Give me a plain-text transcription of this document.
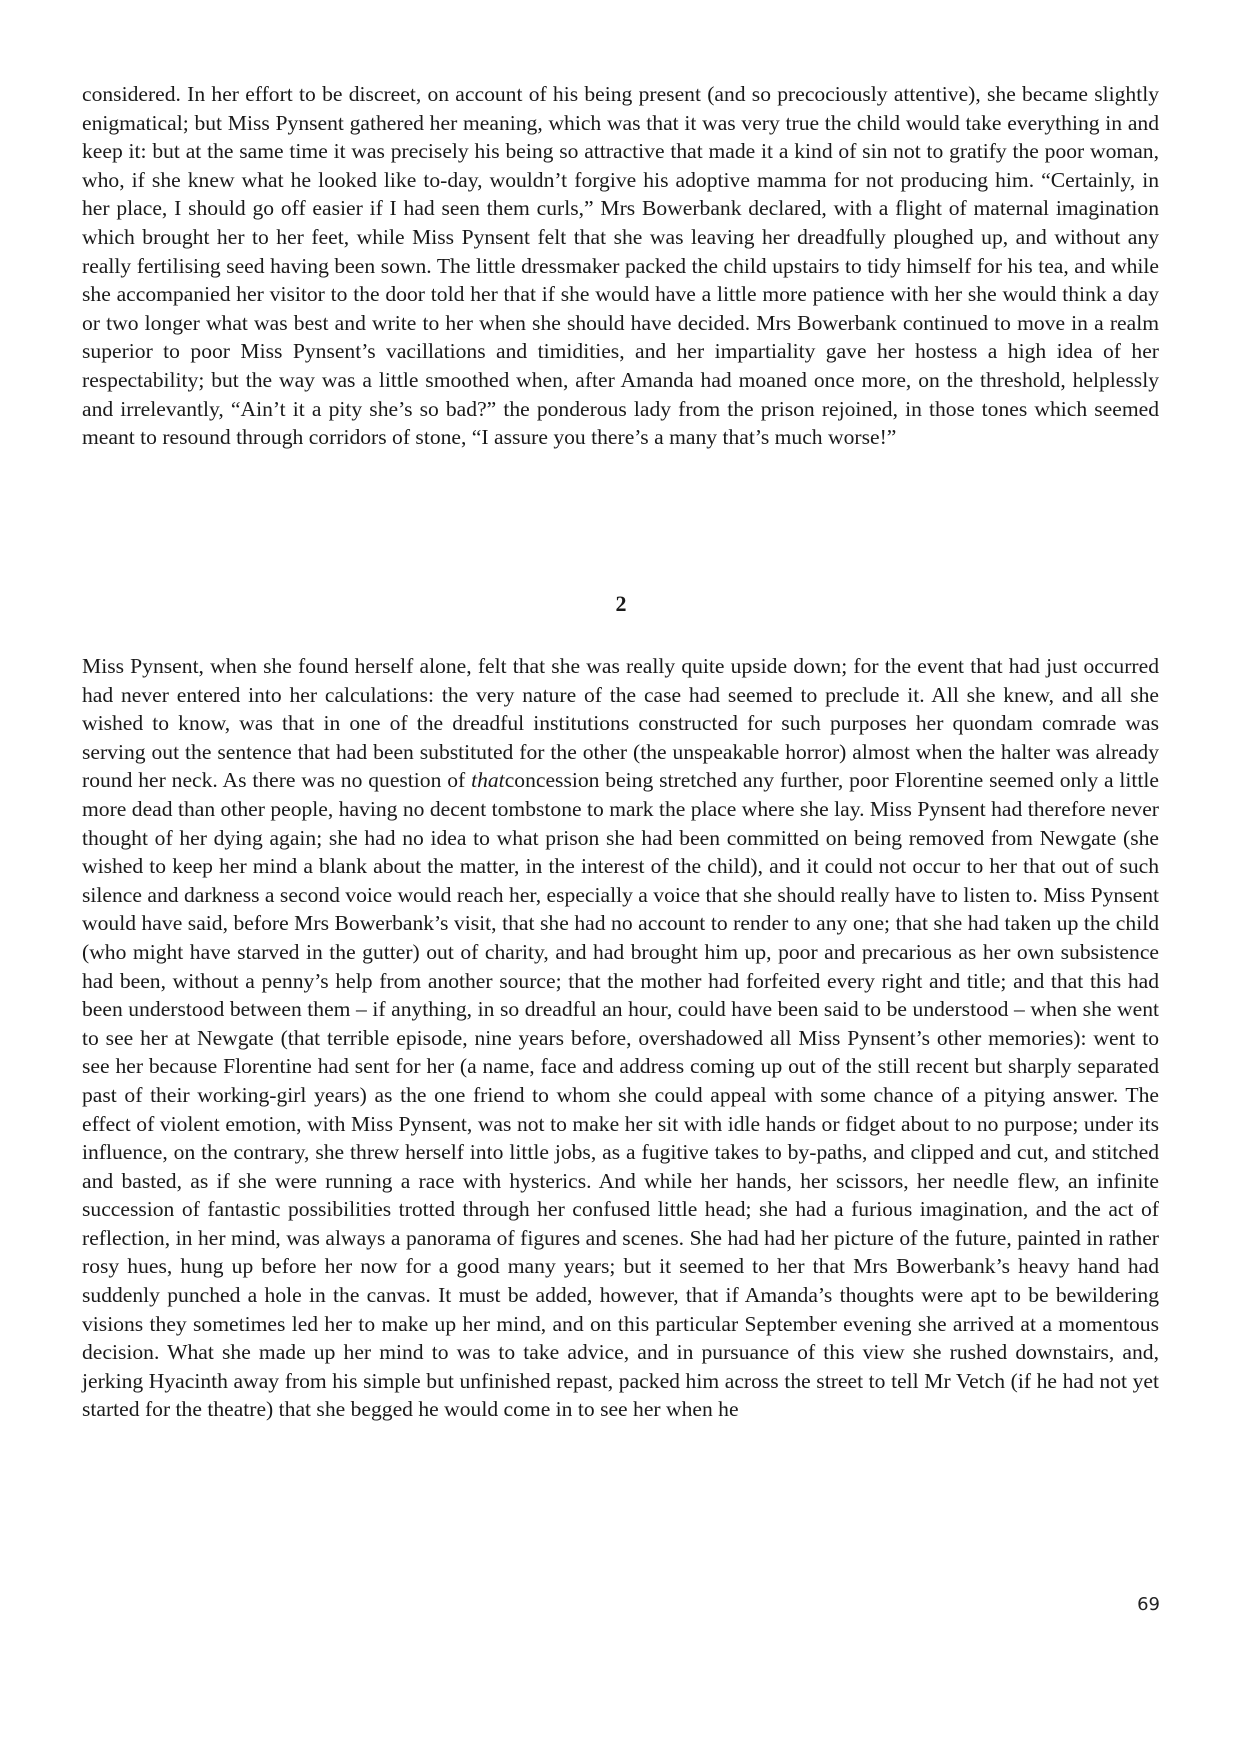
considered. In her effort to be discreet, on account of his being present (and so precociously attentive), she became slightly enigmatical; but Miss Pynsent gathered her meaning, which was that it was very true the child would take everything in and keep it: but at the same time it was precisely his being so attractive that made it a kind of sin not to gratify the poor woman, who, if she knew what he looked like to-day, wouldn’t forgive his adoptive mamma for not producing him. “Certainly, in her place, I should go off easier if I had seen them curls,” Mrs Bowerbank declared, with a flight of maternal imagination which brought her to her feet, while Miss Pynsent felt that she was leaving her dreadfully ploughed up, and without any really fertilising seed having been sown. The little dressmaker packed the child upstairs to tidy himself for his tea, and while she accompanied her visitor to the door told her that if she would have a little more patience with her she would think a day or two longer what was best and write to her when she should have decided. Mrs Bowerbank continued to move in a realm superior to poor Miss Pynsent’s vacillations and timidities, and her impartiality gave her hostess a high idea of her respectability; but the way was a little smoothed when, after Amanda had moaned once more, on the threshold, helplessly and irrelevantly, “Ain’t it a pity she’s so bad?” the ponderous lady from the prison rejoined, in those tones which seemed meant to resound through corridors of stone, “I assure you there’s a many that’s much worse!”

2

Miss Pynsent, when she found herself alone, felt that she was really quite upside down; for the event that had just occurred had never entered into her calculations: the very nature of the case had seemed to preclude it. All she knew, and all she wished to know, was that in one of the dreadful institutions constructed for such purposes her quondam comrade was serving out the sentence that had been substituted for the other (the unspeakable horror) almost when the halter was already round her neck. As there was no question of thatconcession being stretched any further, poor Florentine seemed only a little more dead than other people, having no decent tombstone to mark the place where she lay. Miss Pynsent had therefore never thought of her dying again; she had no idea to what prison she had been committed on being removed from Newgate (she wished to keep her mind a blank about the matter, in the interest of the child), and it could not occur to her that out of such silence and darkness a second voice would reach her, especially a voice that she should really have to listen to. Miss Pynsent would have said, before Mrs Bowerbank’s visit, that she had no account to render to any one; that she had taken up the child (who might have starved in the gutter) out of charity, and had brought him up, poor and precarious as her own subsistence had been, without a penny’s help from another source; that the mother had forfeited every right and title; and that this had been understood between them – if anything, in so dreadful an hour, could have been said to be understood – when she went to see her at Newgate (that terrible episode, nine years before, overshadowed all Miss Pynsent’s other memories): went to see her because Florentine had sent for her (a name, face and address coming up out of the still recent but sharply separated past of their working-girl years) as the one friend to whom she could appeal with some chance of a pitying answer. The effect of violent emotion, with Miss Pynsent, was not to make her sit with idle hands or fidget about to no purpose; under its influence, on the contrary, she threw herself into little jobs, as a fugitive takes to by-paths, and clipped and cut, and stitched and basted, as if she were running a race with hysterics. And while her hands, her scissors, her needle flew, an infinite succession of fantastic possibilities trotted through her confused little head; she had a furious imagination, and the act of reflection, in her mind, was always a panorama of figures and scenes. She had had her picture of the future, painted in rather rosy hues, hung up before her now for a good many years; but it seemed to her that Mrs Bowerbank’s heavy hand had suddenly punched a hole in the canvas. It must be added, however, that if Amanda’s thoughts were apt to be bewildering visions they sometimes led her to make up her mind, and on this particular September evening she arrived at a momentous decision. What she made up her mind to was to take advice, and in pursuance of this view she rushed downstairs, and, jerking Hyacinth away from his simple but unfinished repast, packed him across the street to tell Mr Vetch (if he had not yet started for the theatre) that she begged he would come in to see her when he

69
